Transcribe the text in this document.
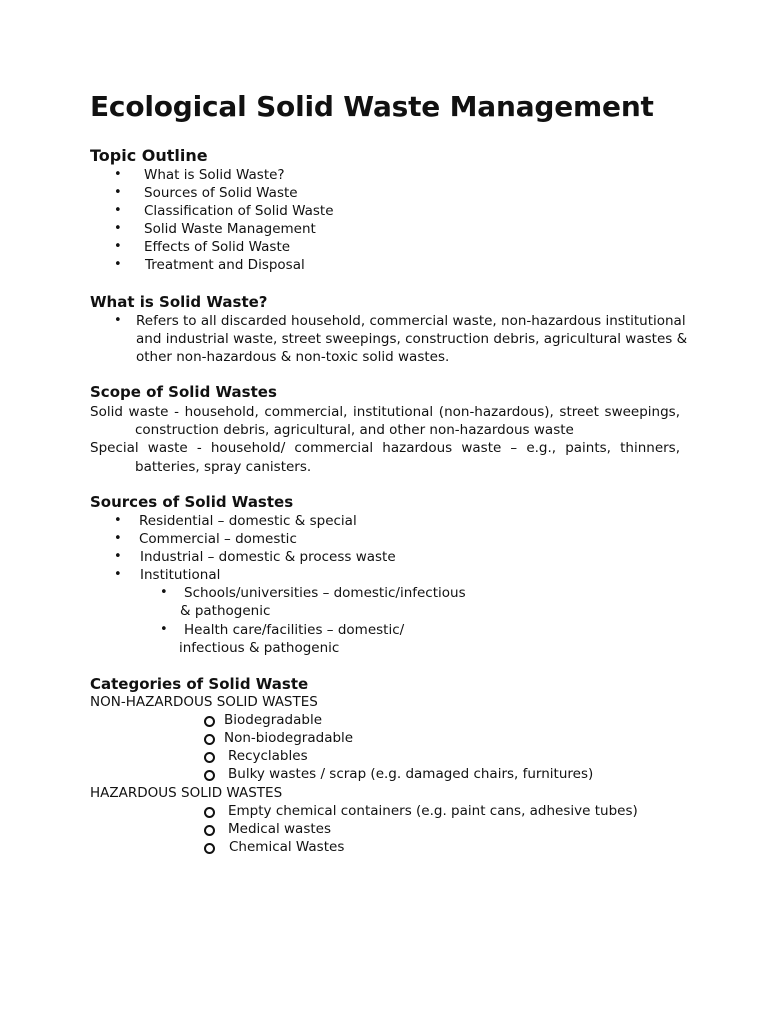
Ecological Solid Waste Management
Topic Outline
• What is Solid Waste?
• Sources of Solid Waste
• Classification of Solid Waste
• Solid Waste Management
• Effects of Solid Waste
• Treatment and Disposal
What is Solid Waste?
• Refers to all discarded household, commercial waste, non-hazardous institutional
and industrial waste, street sweepings, construction debris, agricultural wastes &
other non-hazardous & non-toxic solid wastes.
Scope of Solid Wastes
Solid waste - household, commercial, institutional (non-hazardous), street sweepings,
construction debris, agricultural, and other non-hazardous waste
Special waste - household/ commercial hazardous waste – e.g., paints, thinners,
batteries, spray canisters.
Sources of Solid Wastes
• Residential – domestic & special
• Commercial – domestic
• Industrial – domestic & process waste
• Institutional
• Schools/universities – domestic/infectious
& pathogenic
• Health care/facilities – domestic/
infectious & pathogenic
Categories of Solid Waste
NON-HAZARDOUS SOLID WASTES
Biodegradable
Non-biodegradable
Recyclables
Bulky wastes / scrap (e.g. damaged chairs, furnitures)
HAZARDOUS SOLID WASTES
Empty chemical containers (e.g. paint cans, adhesive tubes)
Medical wastes
Chemical Wastes
